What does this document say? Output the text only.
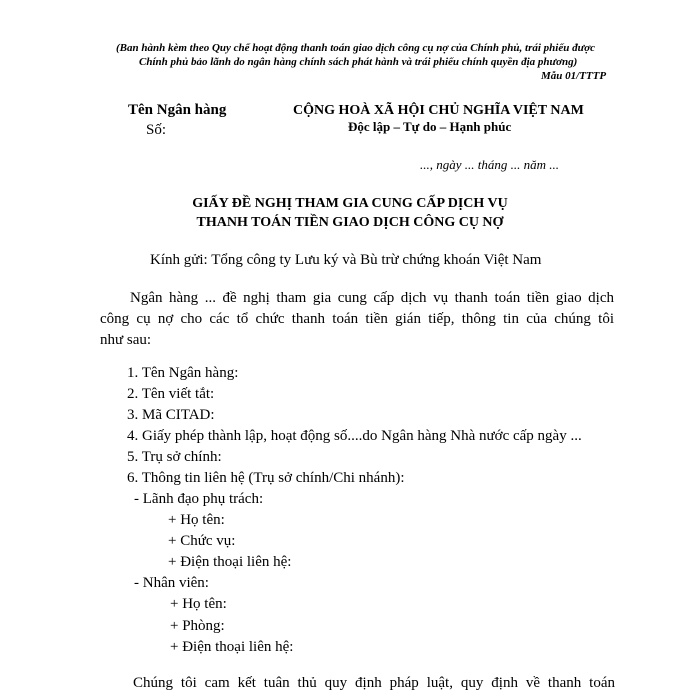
(Ban hành kèm theo Quy chế hoạt động thanh toán giao dịch công cụ nợ của Chính phủ, trái phiếu được
Chính phủ bảo lãnh do ngân hàng chính sách phát hành và trái phiếu chính quyền địa phương)
Mẫu 01/TTTP
Tên Ngân hàng
Số:
CỘNG HOÀ XÃ HỘI CHỦ NGHĨA VIỆT NAM
Độc lập – Tự do – Hạnh phúc
..., ngày ... tháng ... năm ...
GIẤY ĐỀ NGHỊ THAM GIA CUNG CẤP DỊCH VỤ
THANH TOÁN TIỀN GIAO DỊCH CÔNG CỤ NỢ
Kính gửi: Tổng công ty Lưu ký và Bù trừ chứng khoán Việt Nam
Ngân hàng ... đề nghị tham gia cung cấp dịch vụ thanh toán tiền giao dịch
công cụ nợ cho các tổ chức thanh toán tiền gián tiếp, thông tin của chúng tôi
như sau:
1. Tên Ngân hàng:
2. Tên viết tắt:
3. Mã CITAD:
4. Giấy phép thành lập, hoạt động số....do Ngân hàng Nhà nước cấp ngày ...
5. Trụ sở chính:
6. Thông tin liên hệ (Trụ sở chính/Chi nhánh):
- Lãnh đạo phụ trách:
+ Họ tên:
+ Chức vụ:
+ Điện thoại liên hệ:
- Nhân viên:
+ Họ tên:
+ Phòng:
+ Điện thoại liên hệ:
Chúng tôi cam kết tuân thủ quy định pháp luật, quy định về thanh toán
